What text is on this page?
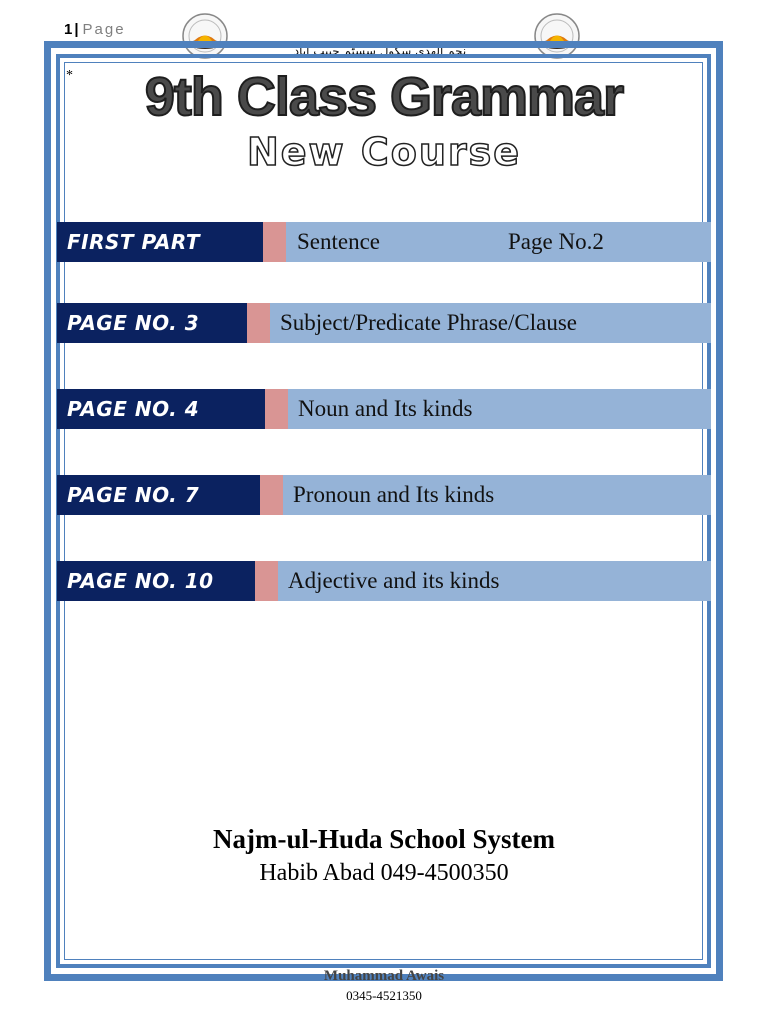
1 | Page
نجم الهدی سکول سسٹم حبیب آباد
*	9th Class Grammar
New Course
FIRST PART	Sentence	Page No.2
PAGE NO. 3	Subject/Predicate Phrase/Clause
PAGE NO. 4	Noun and Its kinds
PAGE NO. 7	Pronoun and Its kinds
PAGE NO. 10	Adjective and its kinds
Najm-ul-Huda School System
Habib Abad 049-4500350
Muhammad Awais
0345-4521350
